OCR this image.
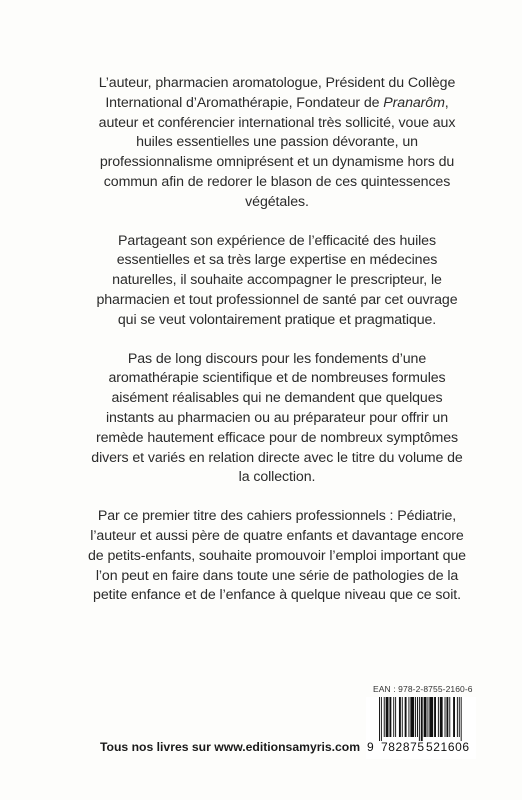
L’auteur, pharmacien aromatologue, Président du Collège International d’Aromathérapie, Fondateur de Pranarôm, auteur et conférencier international très sollicité, voue aux huiles essentielles une passion dévorante, un professionnalisme omniprésent et un dynamisme hors du commun afin de redorer le blason de ces quintessences végétales.

Partageant son expérience de l’efficacité des huiles essentielles et sa très large expertise en médecines naturelles, il souhaite accompagner le prescripteur, le pharmacien et tout professionnel de santé par cet ouvrage qui se veut volontairement pratique et pragmatique.

Pas de long discours pour les fondements d’une aromathérapie scientifique et de nombreuses formules aisément réalisables qui ne demandent que quelques instants au pharmacien ou au préparateur pour offrir un remède hautement efficace pour de nombreux symptômes divers et variés en relation directe avec le titre du volume de la collection.

Par ce premier titre des cahiers professionnels : Pédiatrie, l’auteur et aussi père de quatre enfants et davantage encore de petits-enfants, souhaite promouvoir l’emploi important que l’on peut en faire dans toute une série de pathologies de la petite enfance et de l’enfance à quelque niveau que ce soit.

EAN : 978-2-8755-2160-6
9 782875 521606
Tous nos livres sur www.editionsamyris.com
